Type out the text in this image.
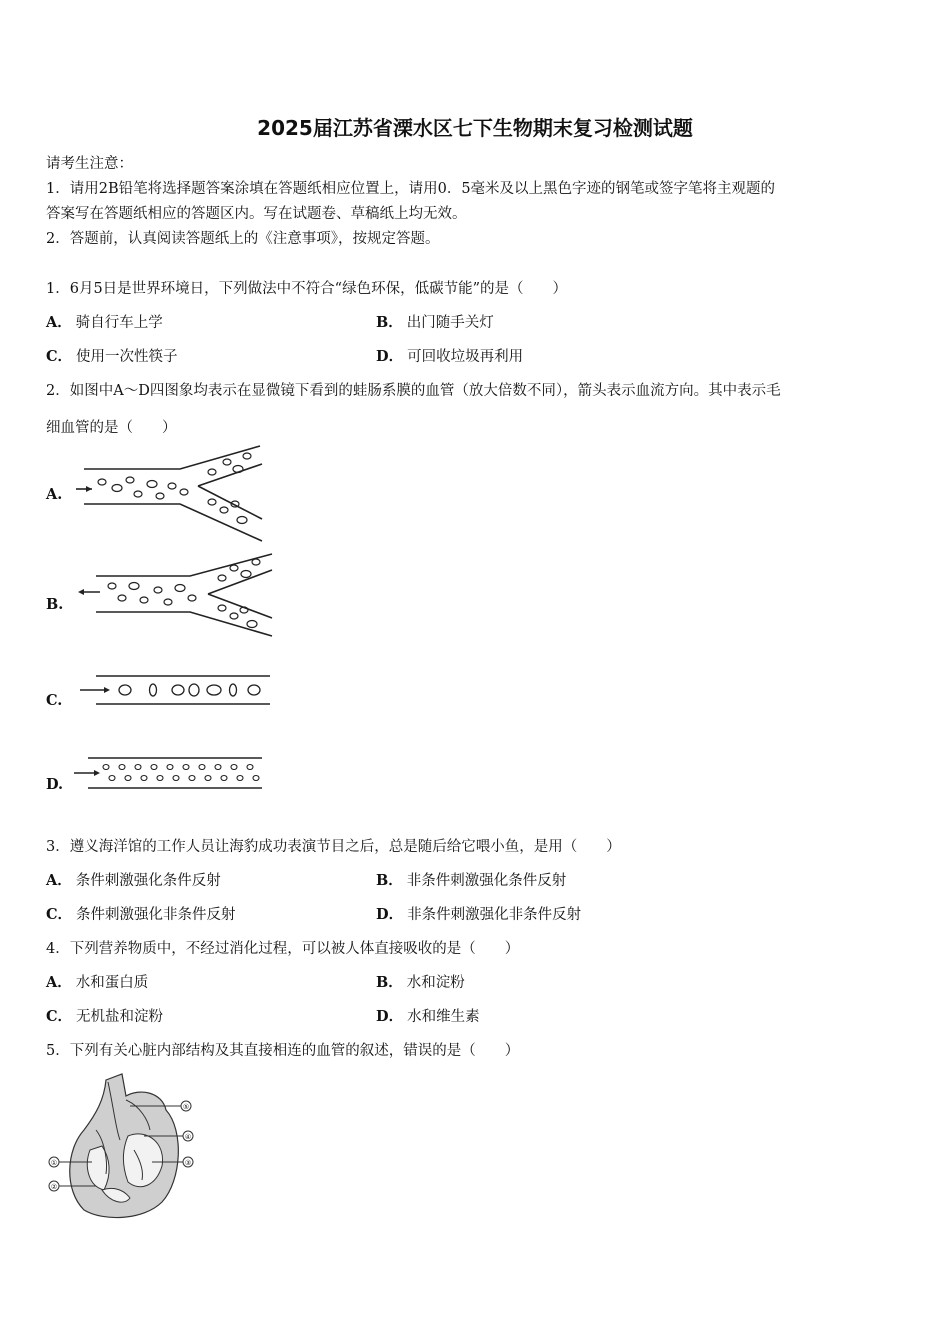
2025届江苏省溧水区七下生物期末复习检测试题
请考生注意：
1．请用2B铅笔将选择题答案涂填在答题纸相应位置上，请用0．5毫米及以上黑色字迹的钢笔或签字笔将主观题的
答案写在答题纸相应的答题区内。写在试题卷、草稿纸上均无效。
2．答题前，认真阅读答题纸上的《注意事项》，按规定答题。
1．6月5日是世界环境日，下列做法中不符合“绿色环保，低碳节能”的是（　　）
A． 骑自行车上学	B． 出门随手关灯
C． 使用一次性筷子	D． 可回收垃圾再利用
2．如图中A～D四图象均表示在显微镜下看到的蛙肠系膜的血管（放大倍数不同），箭头表示血流方向。其中表示毛
细血管的是（　　）
A.
B.
C.
D.
3．遵义海洋馆的工作人员让海豹成功表演节目之后，总是随后给它喂小鱼，是用（　　）
A． 条件刺激强化条件反射	B． 非条件刺激强化条件反射
C． 条件刺激强化非条件反射	D． 非条件刺激强化非条件反射
4．下列营养物质中，不经过消化过程，可以被人体直接吸收的是（　　）
A． 水和蛋白质	B． 水和淀粉
C． 无机盐和淀粉	D． 水和维生素
5．下列有关心脏内部结构及其直接相连的血管的叙述，错误的是（　　）
①
②
③
④
⑤
